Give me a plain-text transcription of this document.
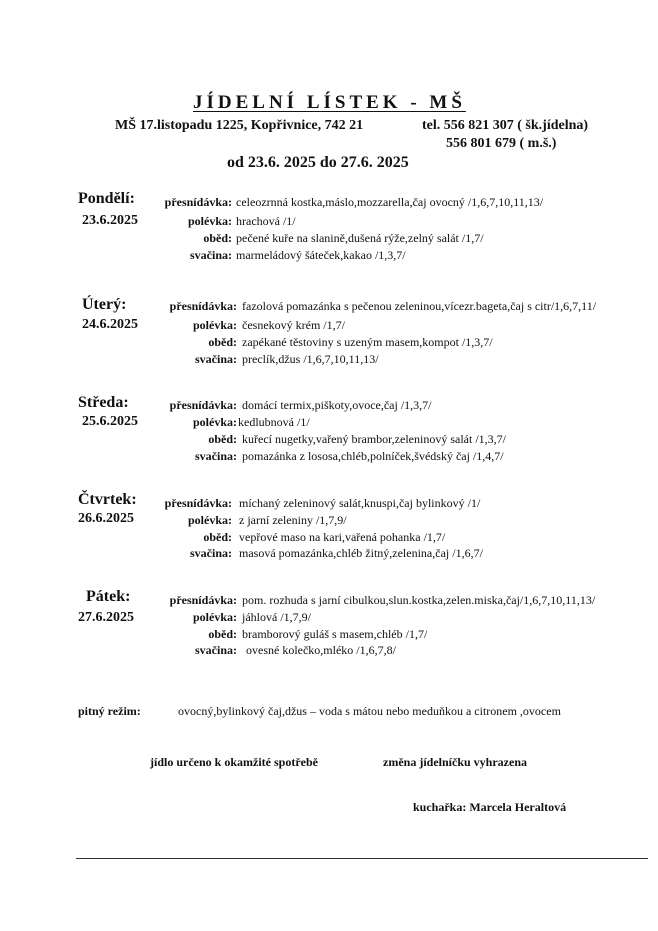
JÍDELNÍ LÍSTEK - MŠ
MŠ 17.listopadu 1225, Kopřivnice, 742 21	tel. 556 821 307 ( šk.jídelna)
556 801 679 ( m.š.)
od 23.6. 2025 do 27.6. 2025
Pondělí:
23.6.2025
přesnídávka: celeozrnná kostka,máslo,mozzarella,čaj ovocný /1,6,7,10,11,13/
polévka: hrachová /1/
oběd: pečené kuře na slanině,dušená rýže,zelný salát /1,7/
svačina: marmeládový šáteček,kakao /1,3,7/
Úterý:
24.6.2025
přesnídávka: fazolová pomazánka s pečenou zeleninou,vícezr.bageta,čaj s citr/1,6,7,11/
polévka: česnekový krém /1,7/
oběd: zapékané těstoviny s uzeným masem,kompot /1,3,7/
svačina: preclík,džus /1,6,7,10,11,13/
Středa:
25.6.2025
přesnídávka: domácí termix,piškoty,ovoce,čaj /1,3,7/
polévka: kedlubnová /1/
oběd: kuřecí nugetky,vařený brambor,zeleninový salát /1,3,7/
svačina: pomazánka z lososa,chléb,polníček,švédský čaj /1,4,7/
Čtvrtek:
26.6.2025
přesnídávka: míchaný zeleninový salát,knuspi,čaj bylinkový /1/
polévka: z jarní zeleniny /1,7,9/
oběd: vepřové maso na kari,vařená pohanka /1,7/
svačina: masová pomazánka,chléb žitný,zelenina,čaj /1,6,7/
Pátek:
27.6.2025
přesnídávka: pom. rozhuda s jarní cibulkou,slun.kostka,zelen.miska,čaj/1,6,7,10,11,13/
polévka: jáhlová /1,7,9/
oběd: bramborový guláš s masem,chléb /1,7/
svačina: ovesné kolečko,mléko /1,6,7,8/
pitný režim:	ovocný,bylinkový čaj,džus – voda s mátou nebo meduňkou a citronem ,ovocem
jídlo určeno k okamžité spotřebě	změna jídelníčku vyhrazena
kuchařka: Marcela Heraltová
